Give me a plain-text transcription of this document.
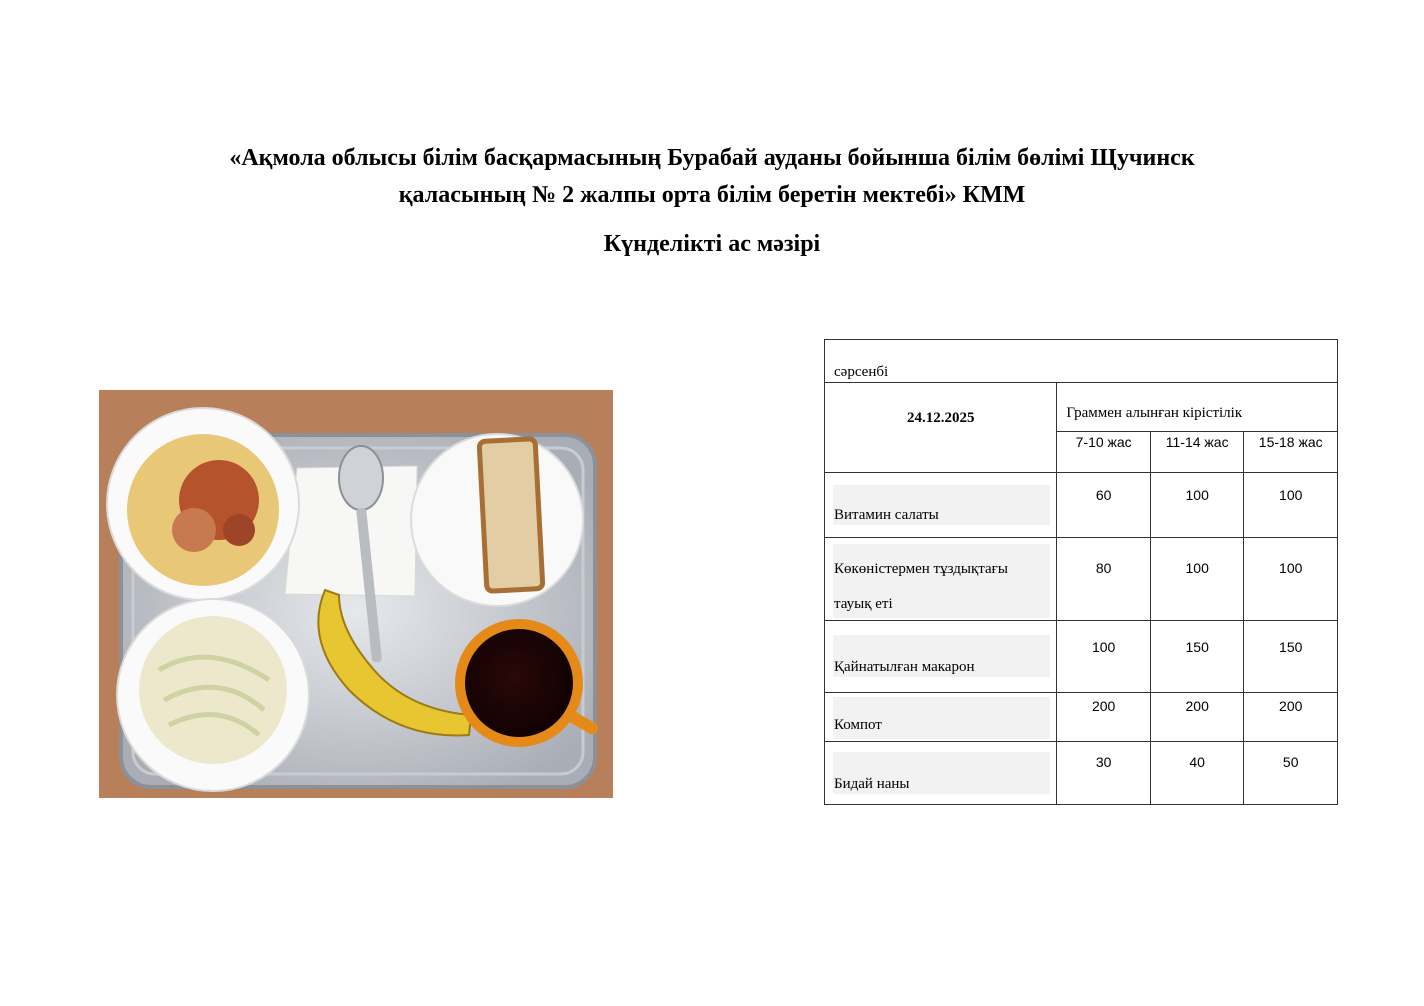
«Ақмола облысы білім басқармасының Бурабай ауданы бойынша білім бөлімі Щучинск
қаласының № 2 жалпы орта білім беретін мектебі» КММ
Күнделікті ас мәзірі
сәрсенбі			

24.12.2025	Граммен алынған кірістілік		

	7-10 жас	11-14 жас	15-18 жас

Витамин салаты	60	100	100

Көкөністермен тұздықтағы
тауық еті	80	100	100

Қайнатылған макарон	100	150	150

Компот	200	200	200

Бидай наны	30	40	50
